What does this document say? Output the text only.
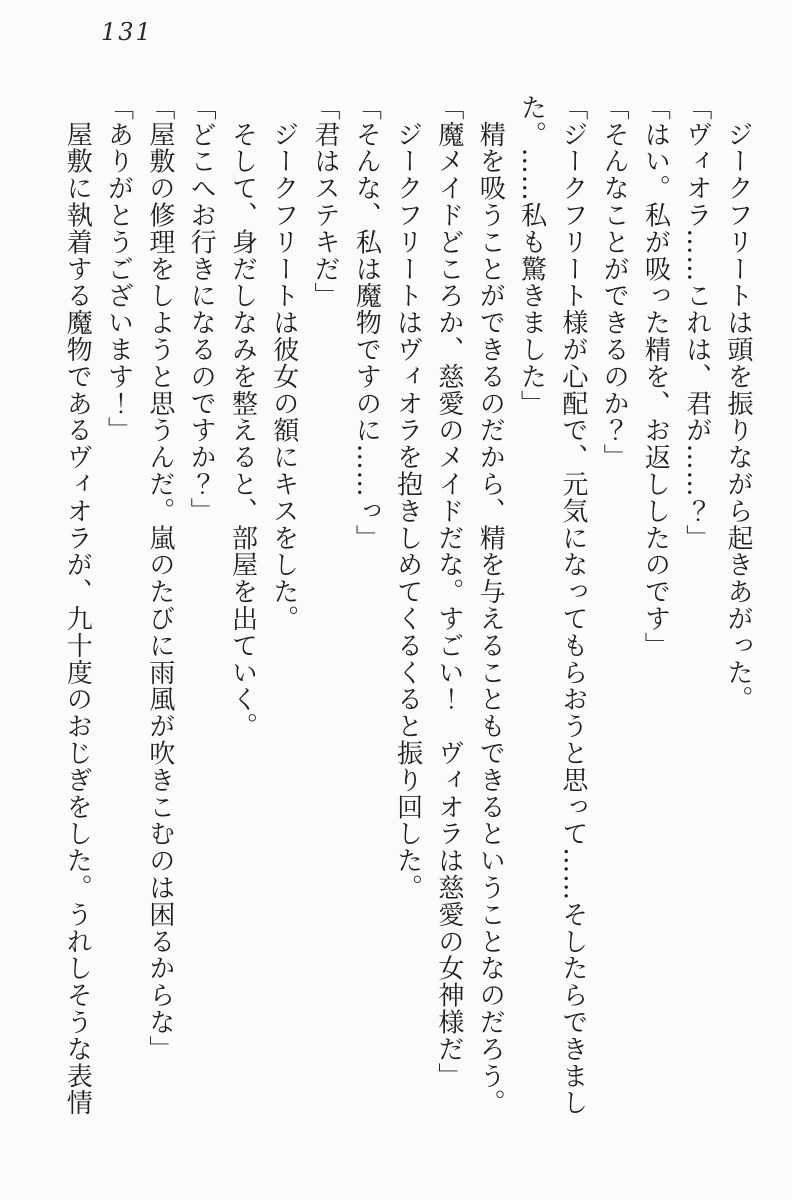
131

　ジークフリートは頭を振りながら起きあがった。

「ヴィオラ……これは、君が……？」

「はい。私が吸った精を、お返ししたのです」

「そんなことができるのか？」

「ジークフリート様が心配で、元気になってもらおうと思って……そしたらできまし

た。……私も驚きました」

　精を吸うことができるのだから、精を与えることもできるということなのだろう。

「魔メイドどころか、慈愛のメイドだな。すごい！　ヴィオラは慈愛の女神様だ」

　ジークフリートはヴィオラを抱きしめてくるくると振り回した。

「そんな、私は魔物ですのに……っ」

「君はステキだ」

　ジークフリートは彼女の額にキスをした。

　そして、身だしなみを整えると、部屋を出ていく。

「どこへお行きになるのですか？」

「屋敷の修理をしようと思うんだ。嵐のたびに雨風が吹きこむのは困るからな」

「ありがとうございます！」

　屋敷に執着する魔物であるヴィオラが、九十度のおじぎをした。うれしそうな表情
